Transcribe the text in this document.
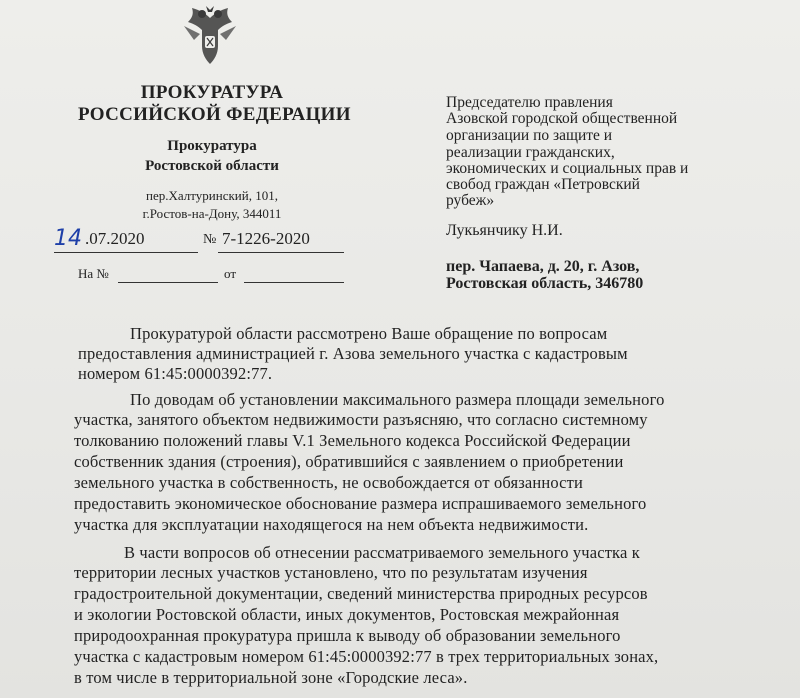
ПРОКУРАТУРА
РОССИЙСКОЙ ФЕДЕРАЦИИ
Прокуратура
Ростовской области
пер.Халтуринский, 101,
г.Ростов-на-Дону, 344011
14 .07.2020	№ 7-1226-2020
На №	от
Председателю правления
Азовской городской общественной
организации по защите и
реализации гражданских,
экономических и социальных прав и
свобод граждан «Петровский
рубеж»
Лукьянчику Н.И.
пер. Чапаева, д. 20, г. Азов,
Ростовская область, 346780
Прокуратурой области рассмотрено Ваше обращение по вопросам
предоставления администрацией г. Азова земельного участка с кадастровым
номером 61:45:0000392:77.
По доводам об установлении максимального размера площади земельного
участка, занятого объектом недвижимости разъясняю, что согласно системному
толкованию положений главы V.1 Земельного кодекса Российской Федерации
собственник здания (строения), обратившийся с заявлением о приобретении
земельного участка в собственность, не освобождается от обязанности
предоставить экономическое обоснование размера испрашиваемого земельного
участка для эксплуатации находящегося на нем объекта недвижимости.
В части вопросов об отнесении рассматриваемого земельного участка к
территории лесных участков установлено, что по результатам изучения
градостроительной документации, сведений министерства природных ресурсов
и экологии Ростовской области, иных документов, Ростовская межрайонная
природоохранная прокуратура пришла к выводу об образовании земельного
участка с кадастровым номером 61:45:0000392:77 в трех территориальных зонах,
в том числе в территориальной зоне «Городские леса».
